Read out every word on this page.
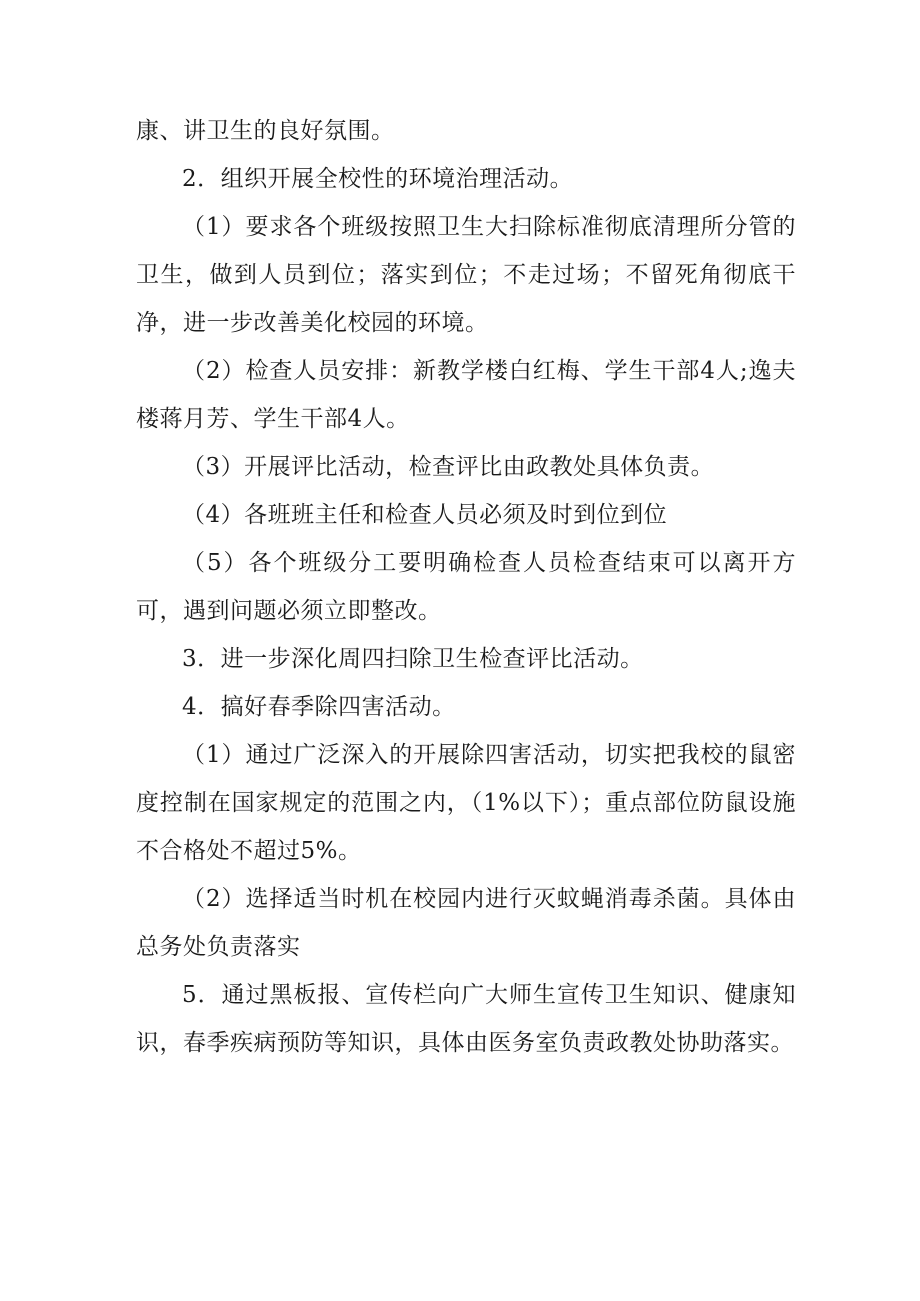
康、讲卫生的良好氛围。

2．组织开展全校性的环境治理活动。

（1）要求各个班级按照卫生大扫除标准彻底清理所分管的卫生，做到人员到位；落实到位；不走过场；不留死角彻底干净，进一步改善美化校园的环境。

（2）检查人员安排：新教学楼白红梅、学生干部4人;逸夫楼蒋月芳、学生干部4人。

（3）开展评比活动，检查评比由政教处具体负责。

（4）各班班主任和检查人员必须及时到位到位

（5）各个班级分工要明确检查人员检查结束可以离开方可，遇到问题必须立即整改。

3．进一步深化周四扫除卫生检查评比活动。

4．搞好春季除四害活动。

（1）通过广泛深入的开展除四害活动，切实把我校的鼠密度控制在国家规定的范围之内，（1%以下）；重点部位防鼠设施不合格处不超过5%。

（2）选择适当时机在校园内进行灭蚊蝇消毒杀菌。具体由总务处负责落实

5．通过黑板报、宣传栏向广大师生宣传卫生知识、健康知识，春季疾病预防等知识，具体由医务室负责政教处协助落实。
